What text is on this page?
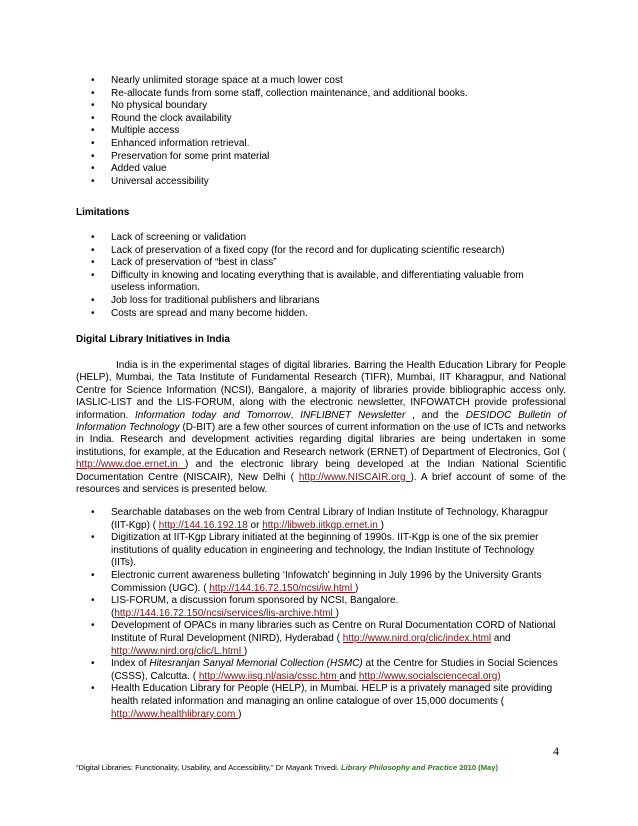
• Nearly unlimited storage space at a much lower cost
• Re-allocate funds from some staff, collection maintenance, and additional books.
• No physical boundary
• Round the clock availability
• Multiple access
• Enhanced information retrieval.
• Preservation for some print material
• Added value
• Universal accessibility
Limitations
• Lack of screening or validation
• Lack of preservation of a fixed copy (for the record and for duplicating scientific research)
• Lack of preservation of “best in class”
• Difficulty in knowing and locating everything that is available, and differentiating valuable from useless information.
• Job loss for traditional publishers and librarians
• Costs are spread and many become hidden.
Digital Library Initiatives in India

India is in the experimental stages of digital libraries. Barring the Health Education Library for People (HELP), Mumbai, the Tata Institute of Fundamental Research (TIFR), Mumbai, IIT Kharagpur, and National Centre for Science Information (NCSI), Bangalore, a majority of libraries provide bibliographic access only. IASLIC-LIST and the LIS-FORUM, along with the electronic newsletter, INFOWATCH provide professional information. Information today and Tomorrow, INFLIBNET Newsletter , and the DESIDOC Bulletin of Information Technology (D-BIT) are a few other sources of current information on the use of ICTs and networks in India. Research and development activities regarding digital libraries are being undertaken in some institutions, for example, at the Education and Research network (ERNET) of Department of Electronics, GoI ( http://www.doe.ernet.in ) and the electronic library being developed at the Indian National Scientific Documentation Centre (NISCAIR), New Delhi ( http://www.NISCAIR.org ). A brief account of some of the resources and services is presented below.

• Searchable databases on the web from Central Library of Indian Institute of Technology, Kharagpur (IIT-Kgp) ( http://144.16.192.18 or http://libweb.iitkgp.ernet.in )
• Digitization at IIT-Kgp Library initiated at the beginning of 1990s. IIT-Kgp is one of the six premier institutions of quality education in engineering and technology, the Indian Institute of Technology (IITs).
• Electronic current awareness bulleting ‘Infowatch' beginning in July 1996 by the University Grants Commission (UGC). ( http://144.16.72.150/ncsi/iw.html )
• LIS-FORUM, a discussion forum sponsored by NCSI, Bangalore.
(http://144.16.72.150/ncsi/services/lis-archive.html )
• Development of OPACs in many libraries such as Centre on Rural Documentation CORD of National Institute of Rural Development (NIRD), Hyderabad ( http://www.nird.org/clic/index.html and http://www.nird.org/clic/L.html )
• Index of Hitesranjan Sanyal Memorial Collection (HSMC) at the Centre for Studies in Social Sciences (CSSS), Calcutta. ( http://www.iisg.nl/asia/cssc.htm and http://www.socialsciencecal.org)
• Health Education Library for People (HELP), in Mumbai. HELP is a privately managed site providing health related information and managing an online catalogue of over 15,000 documents ( http://www.healthlibrary.com )
4
“Digital Libraries: Functionality, Usability, and Accessibility,” Dr Mayank Trivedi. Library Philosophy and Practice 2010 (May)
